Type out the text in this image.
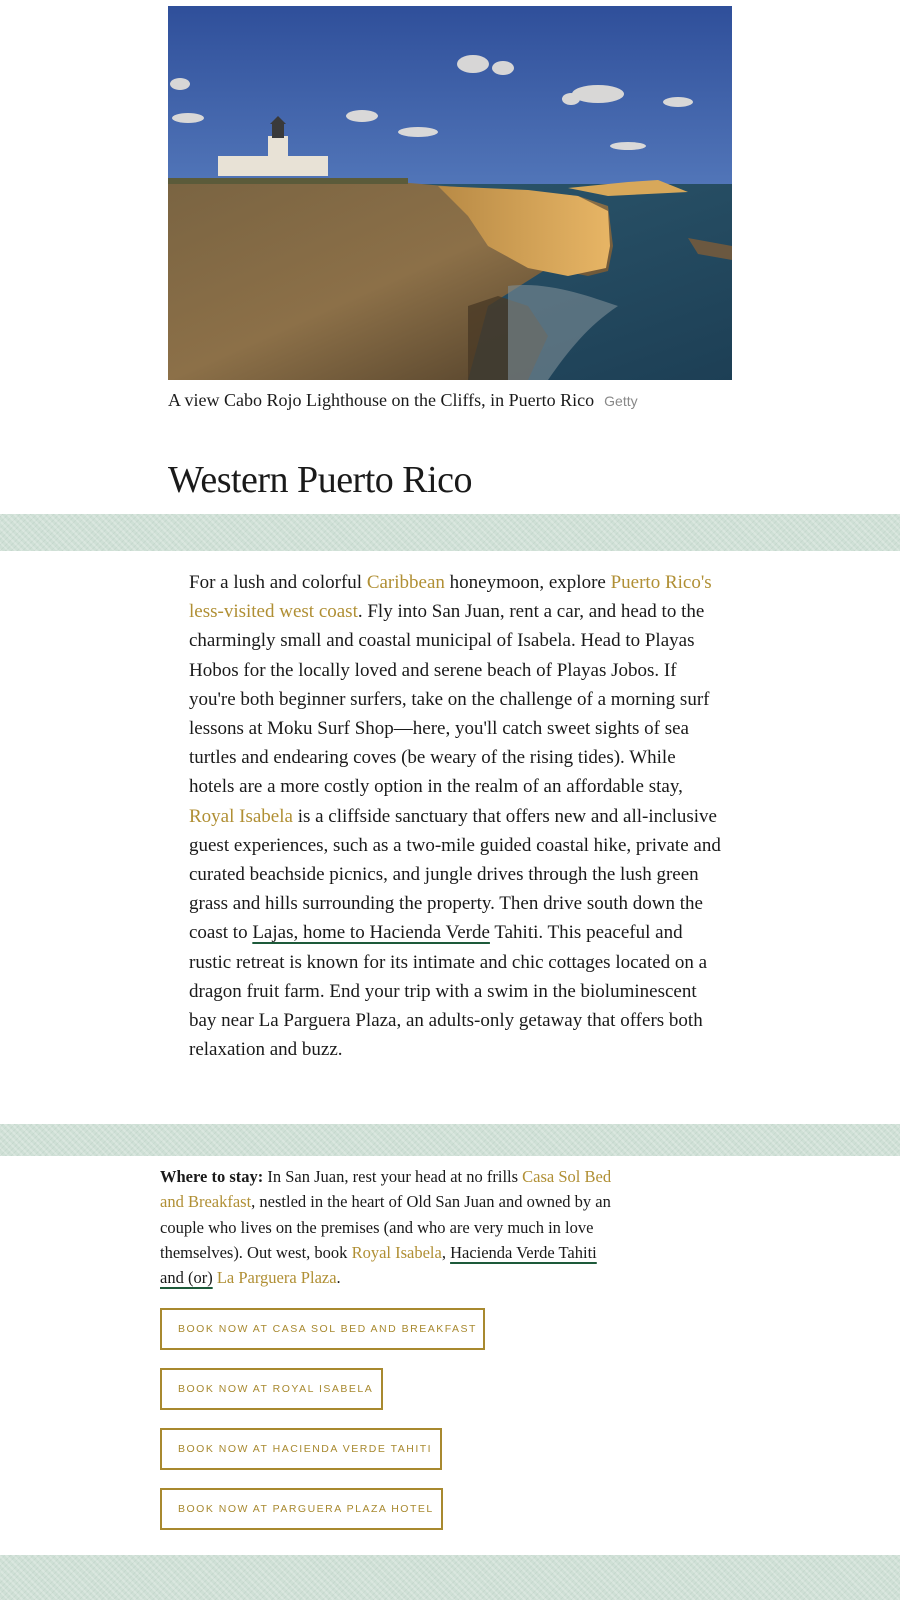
A view Cabo Rojo Lighthouse on the Cliffs, in Puerto Rico Getty
Western Puerto Rico

For a lush and colorful Caribbean honeymoon, explore Puerto Rico's less-visited west coast. Fly into San Juan, rent a car, and head to the charmingly small and coastal municipal of Isabela. Head to Playas Hobos for the locally loved and serene beach of Playas Jobos. If you're both beginner surfers, take on the challenge of a morning surf lessons at Moku Surf Shop—here, you'll catch sweet sights of sea turtles and endearing coves (be weary of the rising tides). While hotels are a more costly option in the realm of an affordable stay, Royal Isabela is a cliffside sanctuary that offers new and all-inclusive guest experiences, such as a two-mile guided coastal hike, private and curated beachside picnics, and jungle drives through the lush green grass and hills surrounding the property. Then drive south down the coast to Lajas, home to Hacienda Verde Tahiti. This peaceful and rustic retreat is known for its intimate and chic cottages located on a dragon fruit farm. End your trip with a swim in the bioluminescent bay near La Parguera Plaza, an adults-only getaway that offers both relaxation and buzz.

Where to stay: In San Juan, rest your head at no frills Casa Sol Bed and Breakfast, nestled in the heart of Old San Juan and owned by an couple who lives on the premises (and who are very much in love themselves). Out west, book Royal Isabela, Hacienda Verde Tahiti and (or) La Parguera Plaza.

BOOK NOW AT CASA SOL BED AND BREAKFAST
BOOK NOW AT ROYAL ISABELA
BOOK NOW AT HACIENDA VERDE TAHITI
BOOK NOW AT PARGUERA PLAZA HOTEL
